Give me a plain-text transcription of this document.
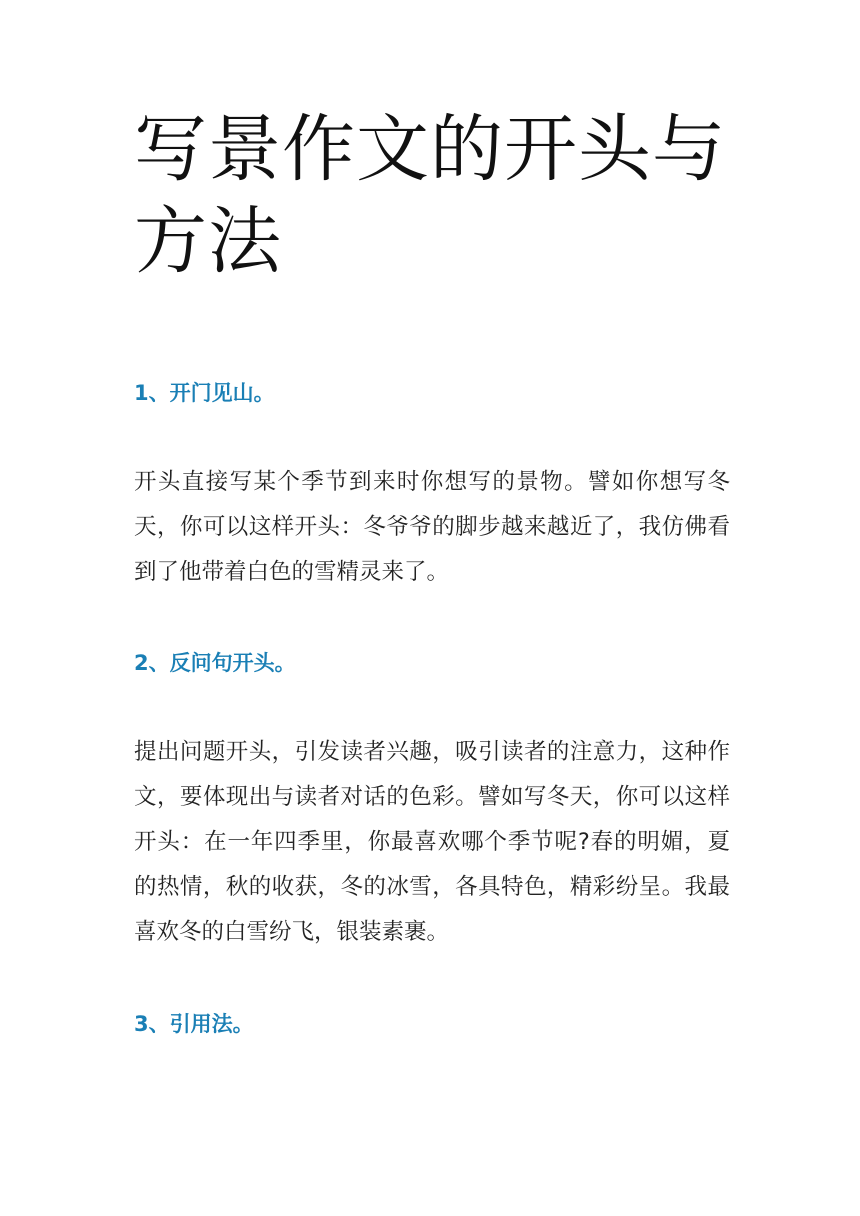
写景作文的开头与方法
1、开门见山。

开头直接写某个季节到来时你想写的景物。譬如你想写冬天，你可以这样开头：冬爷爷的脚步越来越近了，我仿佛看到了他带着白色的雪精灵来了。

2、反问句开头。

提出问题开头，引发读者兴趣，吸引读者的注意力，这种作文，要体现出与读者对话的色彩。譬如写冬天，你可以这样开头：在一年四季里，你最喜欢哪个季节呢?春的明媚，夏的热情，秋的收获，冬的冰雪，各具特色，精彩纷呈。我最喜欢冬的白雪纷飞，银装素裹。

3、引用法。
